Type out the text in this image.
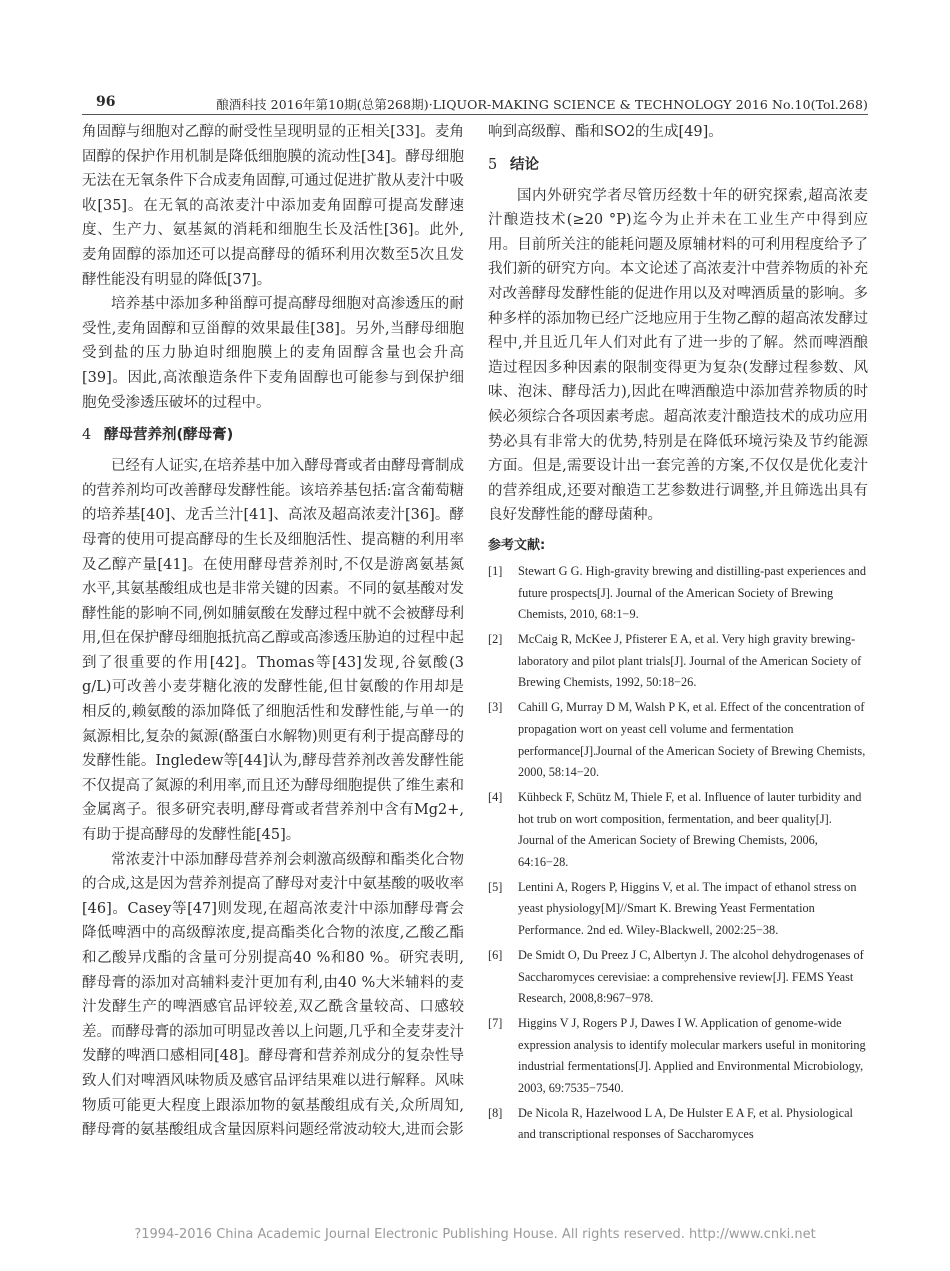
96	酿酒科技 2016年第10期(总第268期)·LIQUOR-MAKING SCIENCE & TECHNOLOGY 2016 No.10(Tol.268)

角固醇与细胞对乙醇的耐受性呈现明显的正相关[33]。麦角固醇的保护作用机制是降低细胞膜的流动性[34]。酵母细胞无法在无氧条件下合成麦角固醇,可通过促进扩散从麦汁中吸收[35]。在无氧的高浓麦汁中添加麦角固醇可提高发酵速度、生产力、氨基氮的消耗和细胞生长及活性[36]。此外,麦角固醇的添加还可以提高酵母的循环利用次数至5次且发酵性能没有明显的降低[37]。

培养基中添加多种甾醇可提高酵母细胞对高渗透压的耐受性,麦角固醇和豆甾醇的效果最佳[38]。另外,当酵母细胞受到盐的压力胁迫时细胞膜上的麦角固醇含量也会升高[39]。因此,高浓酿造条件下麦角固醇也可能参与到保护细胞免受渗透压破坏的过程中。

4 酵母营养剂(酵母膏)

已经有人证实,在培养基中加入酵母膏或者由酵母膏制成的营养剂均可改善酵母发酵性能。该培养基包括:富含葡萄糖的培养基[40]、龙舌兰汁[41]、高浓及超高浓麦汁[36]。酵母膏的使用可提高酵母的生长及细胞活性、提高糖的利用率及乙醇产量[41]。在使用酵母营养剂时,不仅是游离氨基氮水平,其氨基酸组成也是非常关键的因素。不同的氨基酸对发酵性能的影响不同,例如脯氨酸在发酵过程中就不会被酵母利用,但在保护酵母细胞抵抗高乙醇或高渗透压胁迫的过程中起到了很重要的作用[42]。Thomas等[43]发现,谷氨酸(3 g/L)可改善小麦芽糖化液的发酵性能,但甘氨酸的作用却是相反的,赖氨酸的添加降低了细胞活性和发酵性能,与单一的氮源相比,复杂的氮源(酪蛋白水解物)则更有利于提高酵母的发酵性能。Ingledew等[44]认为,酵母营养剂改善发酵性能不仅提高了氮源的利用率,而且还为酵母细胞提供了维生素和金属离子。很多研究表明,酵母膏或者营养剂中含有Mg2+,有助于提高酵母的发酵性能[45]。

常浓麦汁中添加酵母营养剂会刺激高级醇和酯类化合物的合成,这是因为营养剂提高了酵母对麦汁中氨基酸的吸收率[46]。Casey等[47]则发现,在超高浓麦汁中添加酵母膏会降低啤酒中的高级醇浓度,提高酯类化合物的浓度,乙酸乙酯和乙酸异戊酯的含量可分别提高40 %和80 %。研究表明,酵母膏的添加对高辅料麦汁更加有利,由40 %大米辅料的麦汁发酵生产的啤酒感官品评较差,双乙酰含量较高、口感较差。而酵母膏的添加可明显改善以上问题,几乎和全麦芽麦汁发酵的啤酒口感相同[48]。酵母膏和营养剂成分的复杂性导致人们对啤酒风味物质及感官品评结果难以进行解释。风味物质可能更大程度上跟添加物的氨基酸组成有关,众所周知,酵母膏的氨基酸组成含量因原料问题经常波动较大,进而会影

响到高级醇、酯和SO2的生成[49]。

5 结论

国内外研究学者尽管历经数十年的研究探索,超高浓麦汁酿造技术(≥20 °P)迄今为止并未在工业生产中得到应用。目前所关注的能耗问题及原辅材料的可利用程度给予了我们新的研究方向。本文论述了高浓麦汁中营养物质的补充对改善酵母发酵性能的促进作用以及对啤酒质量的影响。多种多样的添加物已经广泛地应用于生物乙醇的超高浓发酵过程中,并且近几年人们对此有了进一步的了解。然而啤酒酿造过程因多种因素的限制变得更为复杂(发酵过程参数、风味、泡沫、酵母活力),因此在啤酒酿造中添加营养物质的时候必须综合各项因素考虑。超高浓麦汁酿造技术的成功应用势必具有非常大的优势,特别是在降低环境污染及节约能源方面。但是,需要设计出一套完善的方案,不仅仅是优化麦汁的营养组成,还要对酿造工艺参数进行调整,并且筛选出具有良好发酵性能的酵母菌种。

参考文献:
[1]	Stewart G G. High-gravity brewing and distilling-past experiences and future prospects[J]. Journal of the American Society of Brewing Chemists, 2010, 68:1−9.
[2]	McCaig R, McKee J, Pfisterer E A, et al. Very high gravity brewing-laboratory and pilot plant trials[J]. Journal of the American Society of Brewing Chemists, 1992, 50:18−26.
[3]	Cahill G, Murray D M, Walsh P K, et al. Effect of the concentration of propagation wort on yeast cell volume and fermentation performance[J].Journal of the American Society of Brewing Chemists, 2000, 58:14−20.
[4]	Kühbeck F, Schütz M, Thiele F, et al. Influence of lauter turbidity and hot trub on wort composition, fermentation, and beer quality[J]. Journal of the American Society of Brewing Chemists, 2006, 64:16−28.
[5]	Lentini A, Rogers P, Higgins V, et al. The impact of ethanol stress on yeast physiology[M]//Smart K. Brewing Yeast Fermentation Performance. 2nd ed. Wiley-Blackwell, 2002:25−38.
[6]	De Smidt O, Du Preez J C, Albertyn J. The alcohol dehydrogenases of Saccharomyces cerevisiae: a comprehensive review[J]. FEMS Yeast Research, 2008,8:967−978.
[7]	Higgins V J, Rogers P J, Dawes I W. Application of genome-wide expression analysis to identify molecular markers useful in monitoring industrial fermentations[J]. Applied and Environmental Microbiology, 2003, 69:7535−7540.
[8]	De Nicola R, Hazelwood L A, De Hulster E A F, et al. Physiological and transcriptional responses of Saccharomyces
?1994-2016 China Academic Journal Electronic Publishing House. All rights reserved. http://www.cnki.net
